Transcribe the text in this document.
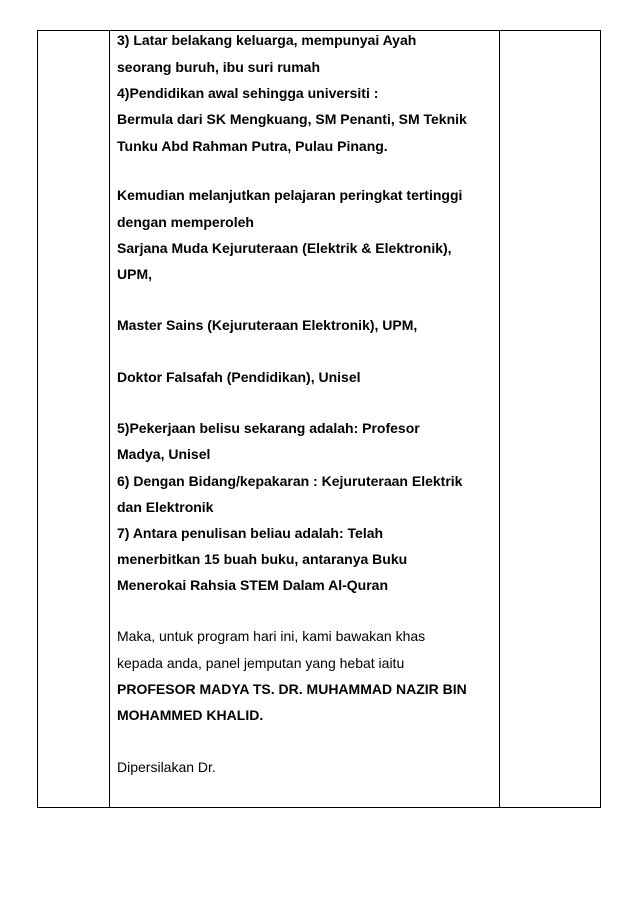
3) Latar belakang keluarga, mempunyai Ayah
seorang buruh, ibu suri rumah
4)Pendidikan awal sehingga universiti :
Bermula dari SK Mengkuang, SM Penanti, SM Teknik
Tunku Abd Rahman Putra, Pulau Pinang.
Kemudian melanjutkan pelajaran peringkat tertinggi
dengan memperoleh
Sarjana Muda Kejuruteraan (Elektrik & Elektronik),
UPM,
Master Sains (Kejuruteraan Elektronik), UPM,
Doktor Falsafah (Pendidikan), Unisel
5)Pekerjaan belisu sekarang adalah: Profesor
Madya, Unisel
6) Dengan Bidang/kepakaran : Kejuruteraan Elektrik
dan Elektronik
7) Antara penulisan beliau adalah: Telah
menerbitkan 15 buah buku, antaranya Buku
Menerokai Rahsia STEM Dalam Al-Quran
Maka, untuk program hari ini, kami bawakan khas
kepada anda, panel jemputan yang hebat iaitu
PROFESOR MADYA TS. DR. MUHAMMAD NAZIR BIN
MOHAMMED KHALID.
Dipersilakan Dr.
